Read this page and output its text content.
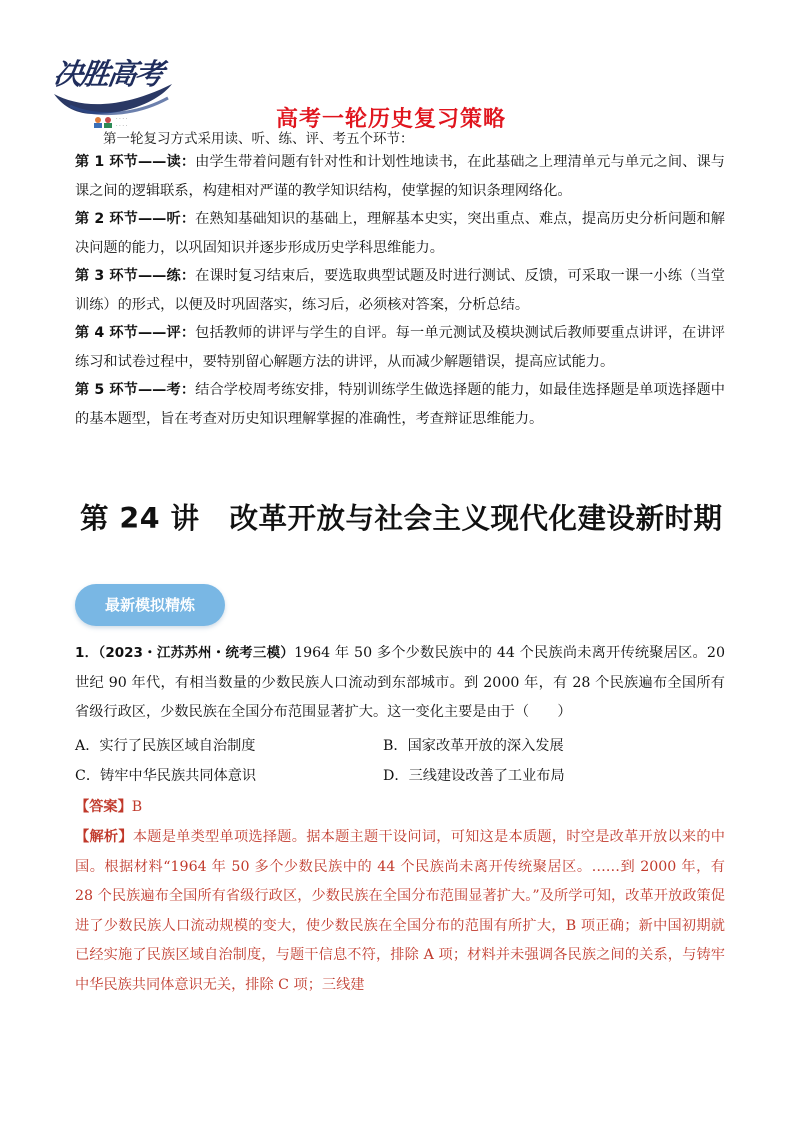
· · · ·
· · · ·
决胜高考
高考一轮历史复习策略
第一轮复习方式采用读、听、练、评、考五个环节：

第 1 环节——读：由学生带着问题有针对性和计划性地读书，在此基础之上理清单元与单元之间、课与课之间的逻辑联系，构建相对严谨的教学知识结构，使掌握的知识条理网络化。

第 2 环节——听：在熟知基础知识的基础上，理解基本史实，突出重点、难点，提高历史分析问题和解决问题的能力，以巩固知识并逐步形成历史学科思维能力。

第 3 环节——练：在课时复习结束后，要选取典型试题及时进行测试、反馈，可采取一课一小练（当堂训练）的形式，以便及时巩固落实，练习后，必须核对答案，分析总结。

第 4 环节——评：包括教师的讲评与学生的自评。每一单元测试及模块测试后教师要重点讲评，在讲评练习和试卷过程中，要特别留心解题方法的讲评，从而减少解题错误，提高应试能力。

第 5 环节——考：结合学校周考练安排，特别训练学生做选择题的能力，如最佳选择题是单项选择题中的基本题型，旨在考查对历史知识理解掌握的准确性，考查辩证思维能力。

第 24 讲 改革开放与社会主义现代化建设新时期
最新模拟精炼
1．（2023・江苏苏州・统考三模）1964 年 50 多个少数民族中的 44 个民族尚未离开传统聚居区。20 世纪 90 年代，有相当数量的少数民族人口流动到东部城市。到 2000 年，有 28 个民族遍布全国所有省级行政区，少数民族在全国分布范围显著扩大。这一变化主要是由于（　　）
A．实行了民族区域自治制度	B．国家改革开放的深入发展
C．铸牢中华民族共同体意识	D．三线建设改善了工业布局
【答案】B
【解析】本题是单类型单项选择题。据本题主题干设问词，可知这是本质题，时空是改革开放以来的中国。根据材料“1964 年 50 多个少数民族中的 44 个民族尚未离开传统聚居区。……到 2000 年，有 28 个民族遍布全国所有省级行政区，少数民族在全国分布范围显著扩大。”及所学可知，改革开放政策促进了少数民族人口流动规模的变大，使少数民族在全国分布的范围有所扩大，B 项正确；新中国初期就已经实施了民族区域自治制度，与题干信息不符，排除 A 项；材料并未强调各民族之间的关系，与铸牢中华民族共同体意识无关，排除 C 项；三线建
